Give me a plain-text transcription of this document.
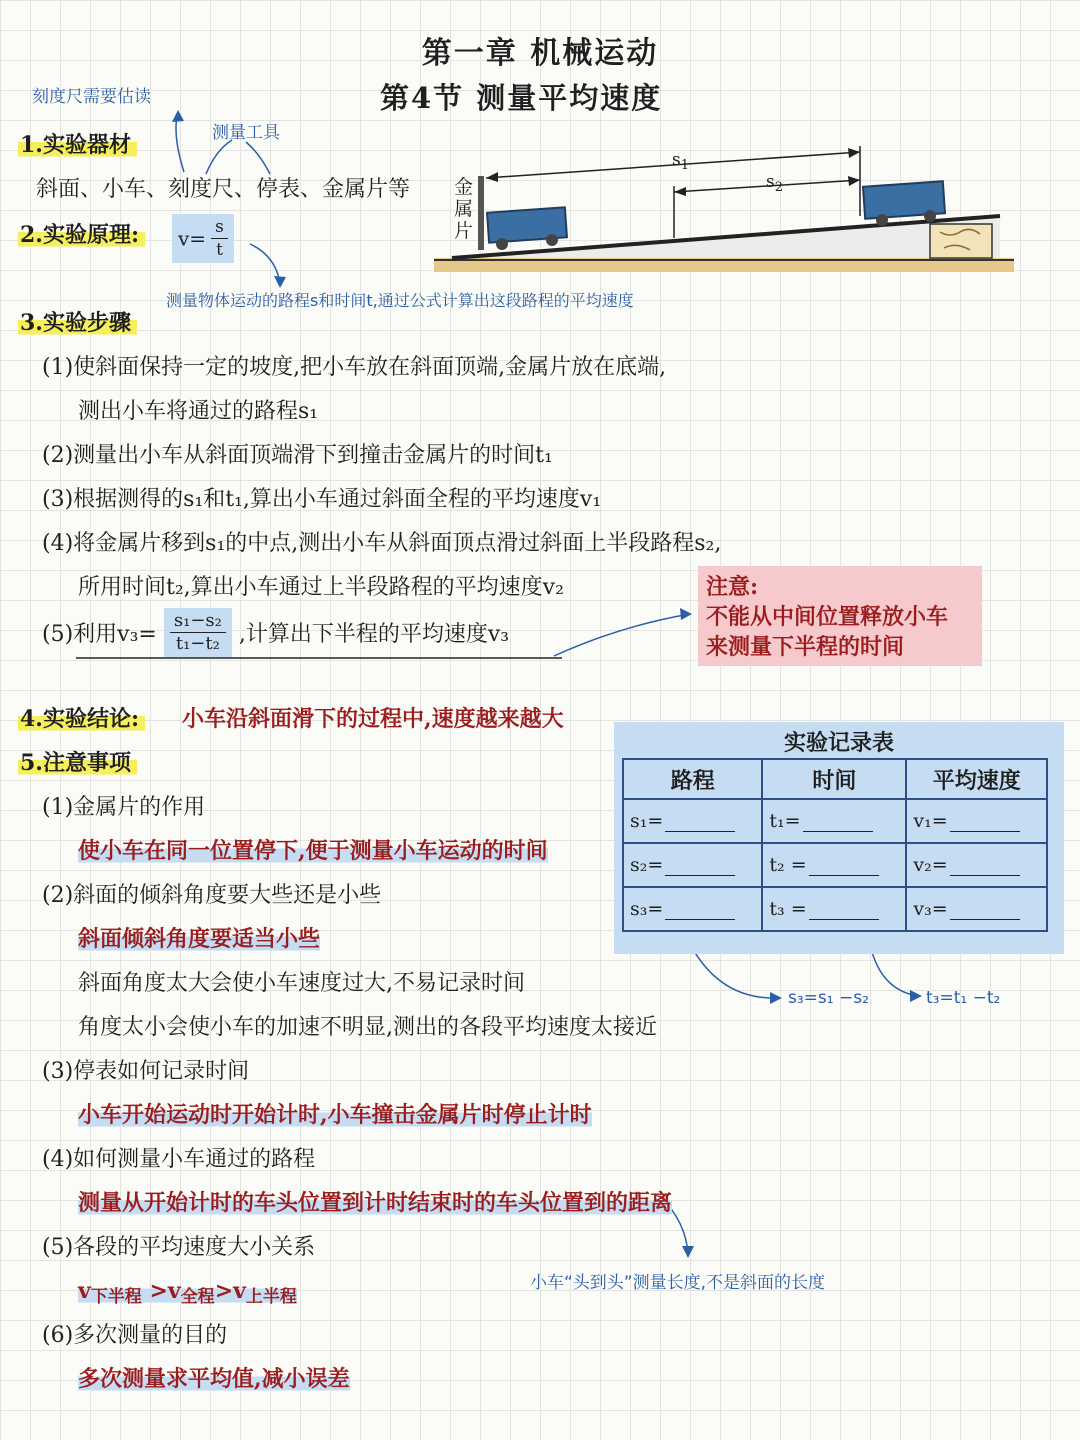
第一章 机械运动
第4节 测量平均速度
刻度尺需要估读
测量工具
1.实验器材
斜面、小车、刻度尺、停表、金属片等
2.实验原理:	$v= \frac{s}{t}$
测量物体运动的路程s和时间t,通过公式计算出这段路程的平均速度
金属片
$s_1$
$s_2$
3.实验步骤
(1)使斜面保持一定的坡度,把小车放在斜面顶端,金属片放在底端,
测出小车将通过的路程s₁
(2)测量出小车从斜面顶端滑下到撞击金属片的时间t₁
(3)根据测得的s₁和t₁,算出小车通过斜面全程的平均速度v₁
(4)将金属片移到s₁的中点,测出小车从斜面顶点滑过斜面上半段路程s₂,
所用时间t₂,算出小车通过上半段路程的平均速度v₂
(5)利用$v_3= \frac{\text{s₁−s₂}}{\text{t₁−t₂}}$ ,计算出下半程的平均速度v₃
注意:
不能从中间位置释放小车
来测量下半程的时间
4.实验结论: 小车沿斜面滑下的过程中,速度越来越大
实验记录表
路程	时间	平均速度
s₁=	t₁=	v₁=
s₂=	t₂ =	v₂=
s₃=	t₃ =	v₃=
s₃=s₁ −s₂	t₃=t₁ −t₂
5.注意事项
(1)金属片的作用
使小车在同一位置停下,便于测量小车运动的时间
(2)斜面的倾斜角度要大些还是小些
斜面倾斜角度要适当小些
斜面角度太大会使小车速度过大,不易记录时间
角度太小会使小车的加速不明显,测出的各段平均速度太接近
(3)停表如何记录时间
小车开始运动时开始计时,小车撞击金属片时停止计时
(4)如何测量小车通过的路程
测量从开始计时的车头位置到计时结束时的车头位置到的距离
(5)各段的平均速度大小关系
小车“头到头”测量长度,不是斜面的长度
$v_{下半程} >v_{全程}>v_{上半程}$
(6)多次测量的目的
多次测量求平均值,减小误差
